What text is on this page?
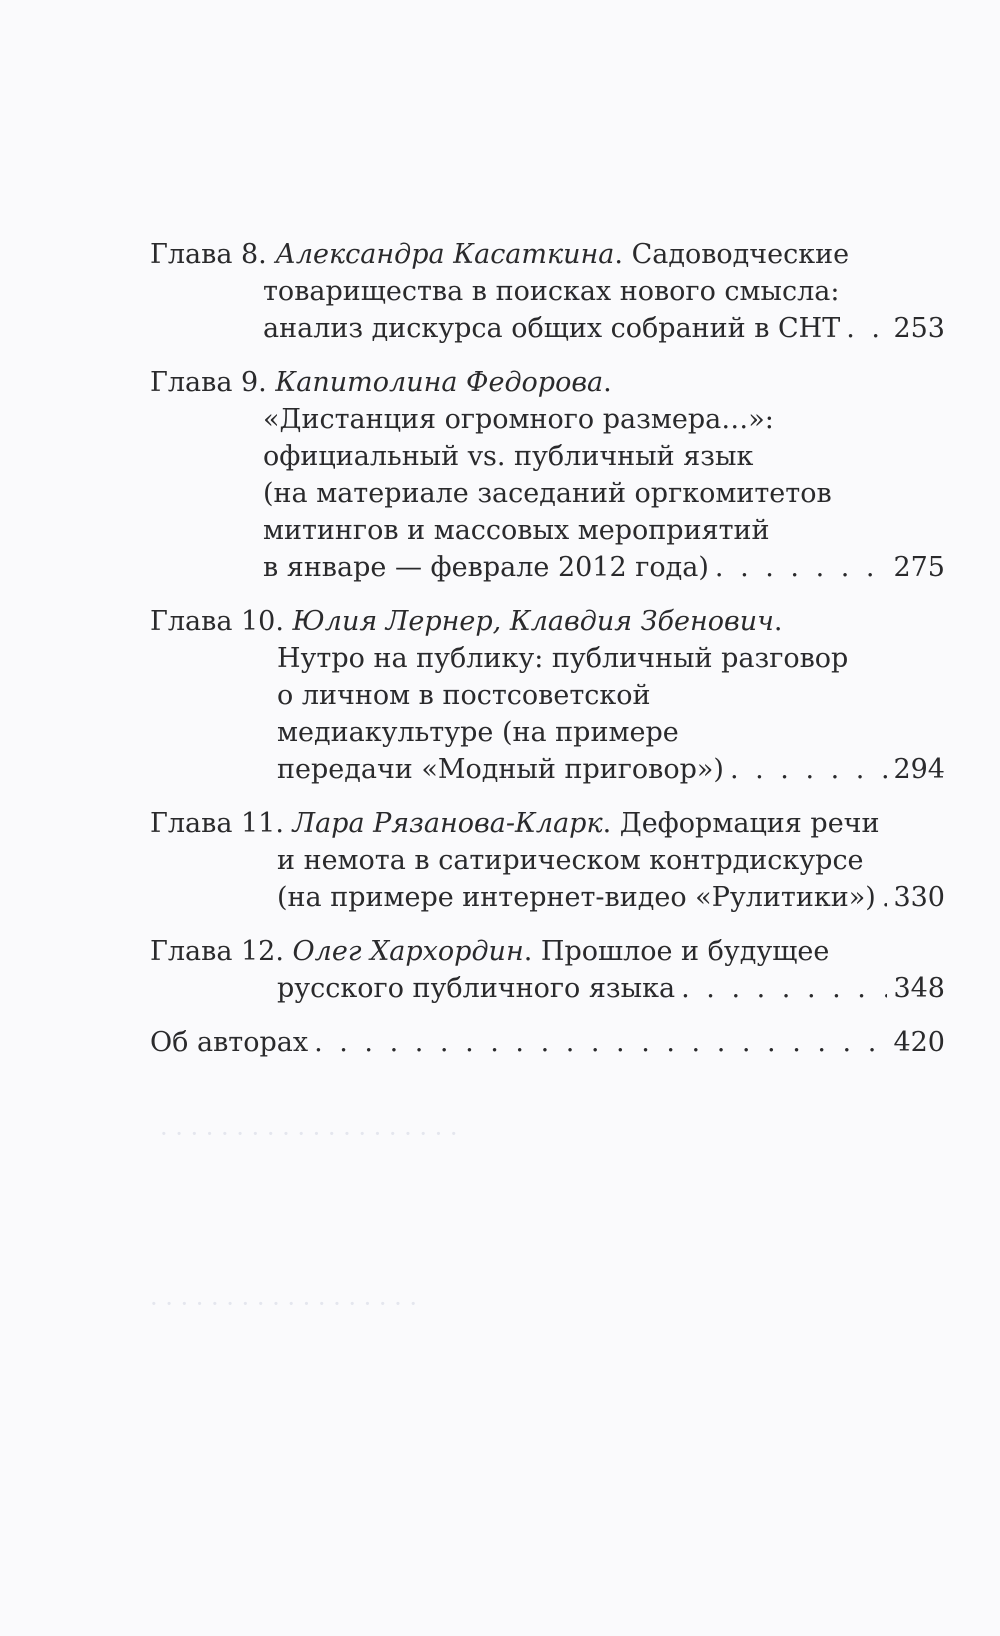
· · · · · · · · · · · · · · · · · · · ·
· · · · · · · · · · · · · · · · · ·
Глава 8. Александра Касаткина. Садоводческие
товарищества в поисках нового смысла:
анализ дискурса общих собраний в СНТ . . . 253
Глава 9. Капитолина Федорова.
«Дистанция огромного размера…»:
официальный vs. публичный язык
(на материале заседаний оргкомитетов
митингов и массовых мероприятий
в январе — феврале 2012 года) . . .	275
Глава 10. Юлия Лернер, Клавдия Збенович.
Нутро на публику: публичный разговор
о личном в постсоветской
медиакультуре (на примере
передачи «Модный приговор») . . .	294
Глава 11. Лара Рязанова-Кларк. Деформация речи
и немота в сатирическом контрдискурсе
(на примере интернет-видео «Рулитики») . . . 330
Глава 12. Олег Хархордин. Прошлое и будущее
русского публичного языка . . .	348
Об авторах . . .	420
